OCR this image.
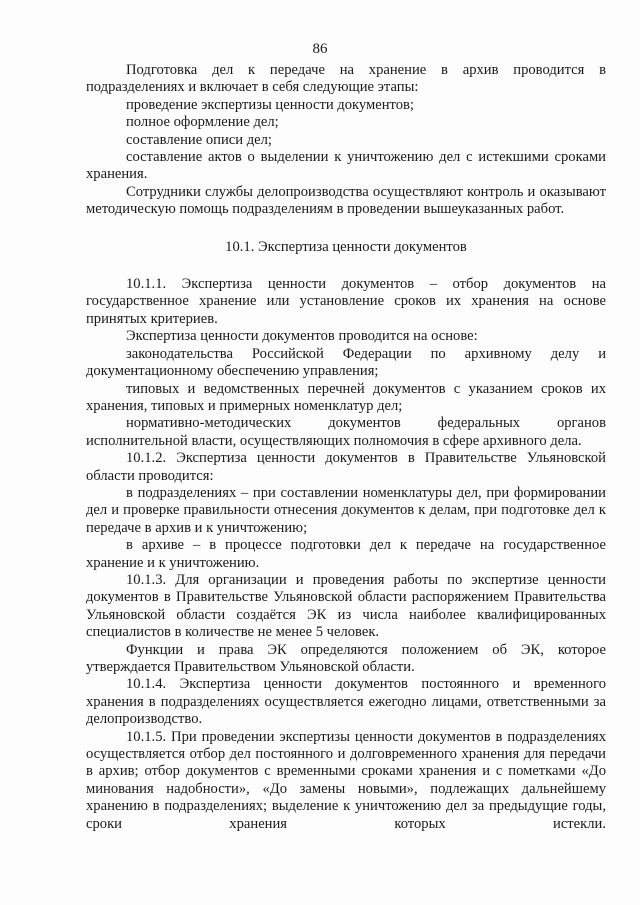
86

Подготовка дел к передаче на хранение в архив проводится в подразделениях и включает в себя следующие этапы:

проведение экспертизы ценности документов;

полное оформление дел;

составление описи дел;

составление актов о выделении к уничтожению дел с истекшими сроками хранения.

Сотрудники службы делопроизводства осуществляют контроль и оказывают методическую помощь подразделениям в проведении вышеуказанных работ.

10.1. Экспертиза ценности документов

10.1.1. Экспертиза ценности документов – отбор документов на государственное хранение или установление сроков их хранения на основе принятых критериев.

Экспертиза ценности документов проводится на основе:

законодательства Российской Федерации по архивному делу и документационному обеспечению управления;

типовых и ведомственных перечней документов с указанием сроков их хранения, типовых и примерных номенклатур дел;

нормативно-методических документов федеральных органов исполнительной власти, осуществляющих полномочия в сфере архивного дела.

10.1.2. Экспертиза ценности документов в Правительстве Ульяновской области проводится:

в подразделениях – при составлении номенклатуры дел, при формировании дел и проверке правильности отнесения документов к делам, при подготовке дел к передаче в архив и к уничтожению;

в архиве – в процессе подготовки дел к передаче на государственное хранение и к уничтожению.

10.1.3. Для организации и проведения работы по экспертизе ценности документов в Правительстве Ульяновской области распоряжением Правительства Ульяновской области создаётся ЭК из числа наиболее квалифицированных специалистов в количестве не менее 5 человек.

Функции и права ЭК определяются положением об ЭК, которое утверждается Правительством Ульяновской области.

10.1.4. Экспертиза ценности документов постоянного и временного хранения в подразделениях осуществляется ежегодно лицами, ответственными за делопроизводство.

10.1.5. При проведении экспертизы ценности документов в подразделениях осуществляется отбор дел постоянного и долговременного хранения для передачи в архив; отбор документов с временными сроками хранения и с пометками «До минования надобности», «До замены новыми», подлежащих дальнейшему хранению в подразделениях; выделение к уничтожению дел за предыдущие годы, сроки хранения которых истекли.
